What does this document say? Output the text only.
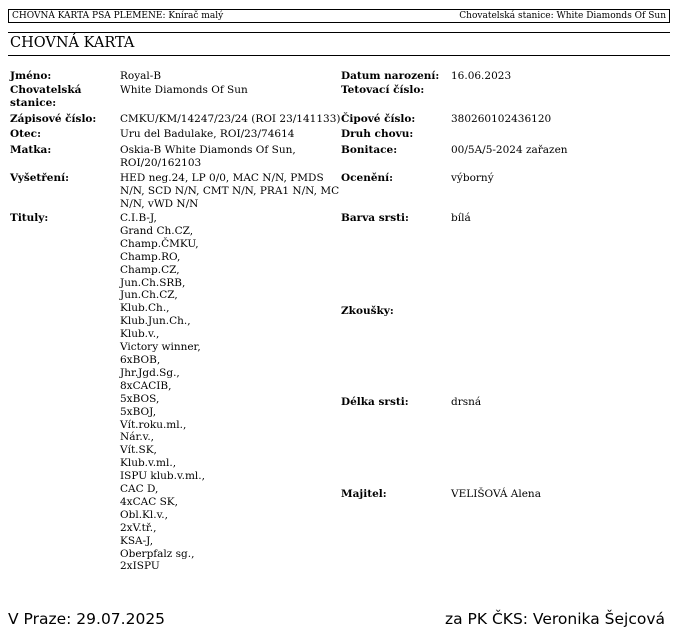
CHOVNÁ KARTA PSA PLEMENE: Knírač malý	Chovatelská stanice: White Diamonds Of Sun
CHOVNÁ KARTA
Jméno:	Royal-B
Chovatelská stanice:
White Diamonds Of Sun
Zápisové číslo: CMKU/KM/14247/23/24 (ROI 23/141133)
Otec:	Uru del Badulake, ROI/23/74614
Matka:	Oskia-B White Diamonds Of Sun, ROI/20/162103
Vyšetření:	HED neg.24, LP 0/0, MAC N/N, PMDS N/N, SCD N/N, CMT N/N, PRA1 N/N, MC N/N, vWD N/N
Tituly:	C.I.B-J,
Grand Ch.CZ,
Champ.ČMKU,
Champ.RO,
Champ.CZ,
Jun.Ch.SRB,
Jun.Ch.CZ,
Klub.Ch.,
Klub.Jun.Ch.,
Klub.v.,
Victory winner,
6xBOB,
Jhr.Jgd.Sg.,
8xCACIB,
5xBOS,
5xBOJ,
Vít.roku.ml.,
Nár.v.,
Vít.SK,
Klub.v.ml.,
ISPU klub.v.ml.,
CAC D,
4xCAC SK,
Obl.Kl.v.,
2xV.tř.,
KSA-J,
Oberpfalz sg.,
2xISPU
Datum narození: 16.06.2023
Tetovací číslo:
Čipové číslo:	380260102436120
Druh chovu:
Bonitace:	00/5A/5-2024 zařazen
Ocenění:	výborný
Barva srsti:	bílá
Zkoušky:
Délka srsti:	drsná
Majitel:	VELIŠOVÁ Alena
V Praze: 29.07.2025	za PK ČKS: Veronika Šejcová
